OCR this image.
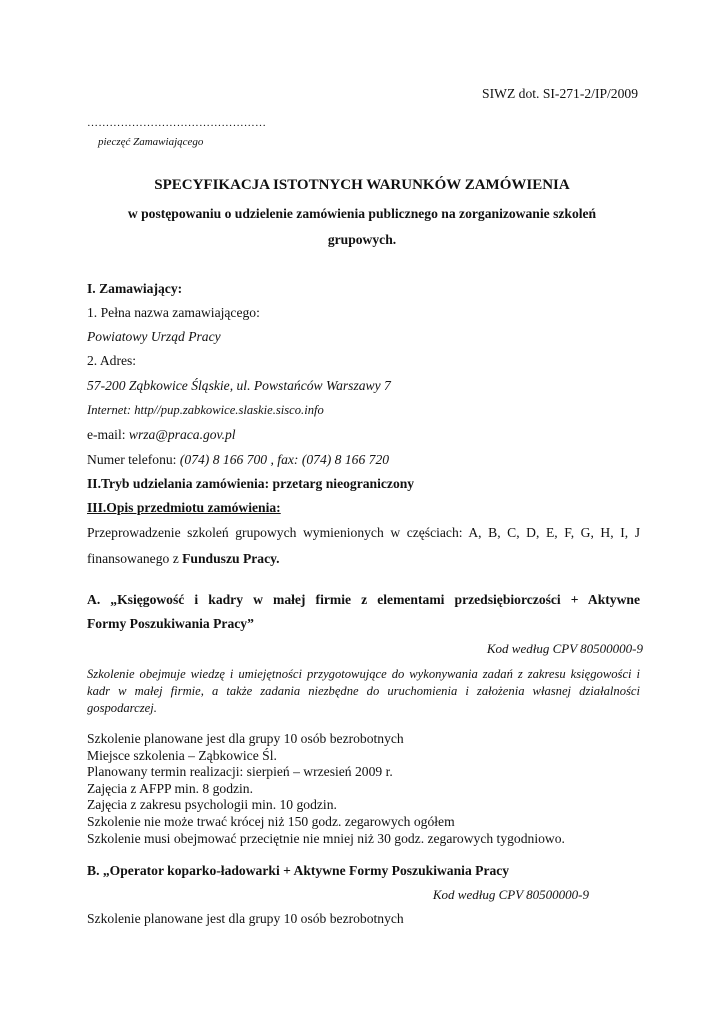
SIWZ dot. SI-271-2/IP/2009
…………………………………………
pieczęć Zamawiającego
SPECYFIKACJA ISTOTNYCH WARUNKÓW ZAMÓWIENIA
w postępowaniu o udzielenie zamówienia publicznego na zorganizowanie szkoleń
grupowych.
I. Zamawiający:
1. Pełna nazwa zamawiającego:
Powiatowy Urząd Pracy
2. Adres:
57-200 Ząbkowice Śląskie, ul. Powstańców Warszawy 7
Internet: http//pup.zabkowice.slaskie.sisco.info
e-mail: wrza@praca.gov.pl
Numer telefonu: (074) 8 166 700 , fax: (074) 8 166 720
II.Tryb udzielania zamówienia: przetarg nieograniczony
III.Opis przedmiotu zamówienia:
Przeprowadzenie szkoleń grupowych wymienionych w częściach: A, B, C, D, E, F, G, H, I, J
finansowanego z Funduszu Pracy.
A. „Księgowość i kadry w małej firmie z elementami przedsiębiorczości + Aktywne
Formy Poszukiwania Pracy”
Kod według CPV 80500000-9
Szkolenie obejmuje wiedzę i umiejętności przygotowujące do wykonywania zadań z zakresu księgowości i kadr w małej firmie, a także zadania niezbędne do uruchomienia i założenia własnej działalności gospodarczej.
Szkolenie planowane jest dla grupy 10 osób bezrobotnych
Miejsce szkolenia – Ząbkowice Śl.
Planowany termin realizacji: sierpień – wrzesień 2009 r.
Zajęcia z AFPP min. 8 godzin.
Zajęcia z zakresu psychologii min. 10 godzin.
Szkolenie nie może trwać krócej niż 150 godz. zegarowych ogółem
Szkolenie musi obejmować przeciętnie nie mniej niż 30 godz. zegarowych tygodniowo.
B. „Operator koparko-ładowarki + Aktywne Formy Poszukiwania Pracy
Kod według CPV 80500000-9
Szkolenie planowane jest dla grupy 10 osób bezrobotnych
